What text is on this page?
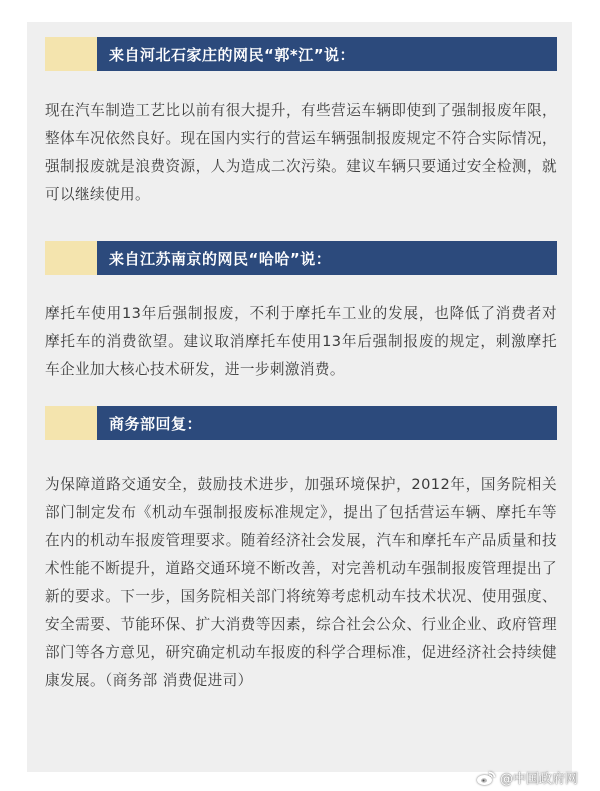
来自河北石家庄的网民“郭*江”说：

现在汽车制造工艺比以前有很大提升，有些营运车辆即使到了强制报废年限，整体车况依然良好。现在国内实行的营运车辆强制报废规定不符合实际情况，强制报废就是浪费资源，人为造成二次污染。建议车辆只要通过安全检测，就可以继续使用。

来自江苏南京的网民“哈哈”说：

摩托车使用13年后强制报废，不利于摩托车工业的发展，也降低了消费者对摩托车的消费欲望。建议取消摩托车使用13年后强制报废的规定，刺激摩托车企业加大核心技术研发，进一步刺激消费。

商务部回复：

为保障道路交通安全，鼓励技术进步，加强环境保护，2012年，国务院相关部门制定发布《机动车强制报废标准规定》，提出了包括营运车辆、摩托车等在内的机动车报废管理要求。随着经济社会发展，汽车和摩托车产品质量和技术性能不断提升，道路交通环境不断改善，对完善机动车强制报废管理提出了新的要求。下一步，国务院相关部门将统筹考虑机动车技术状况、使用强度、安全需要、节能环保、扩大消费等因素，综合社会公众、行业企业、政府管理部门等各方意见，研究确定机动车报废的科学合理标准，促进经济社会持续健康发展。（商务部 消费促进司）

@中国政府网
